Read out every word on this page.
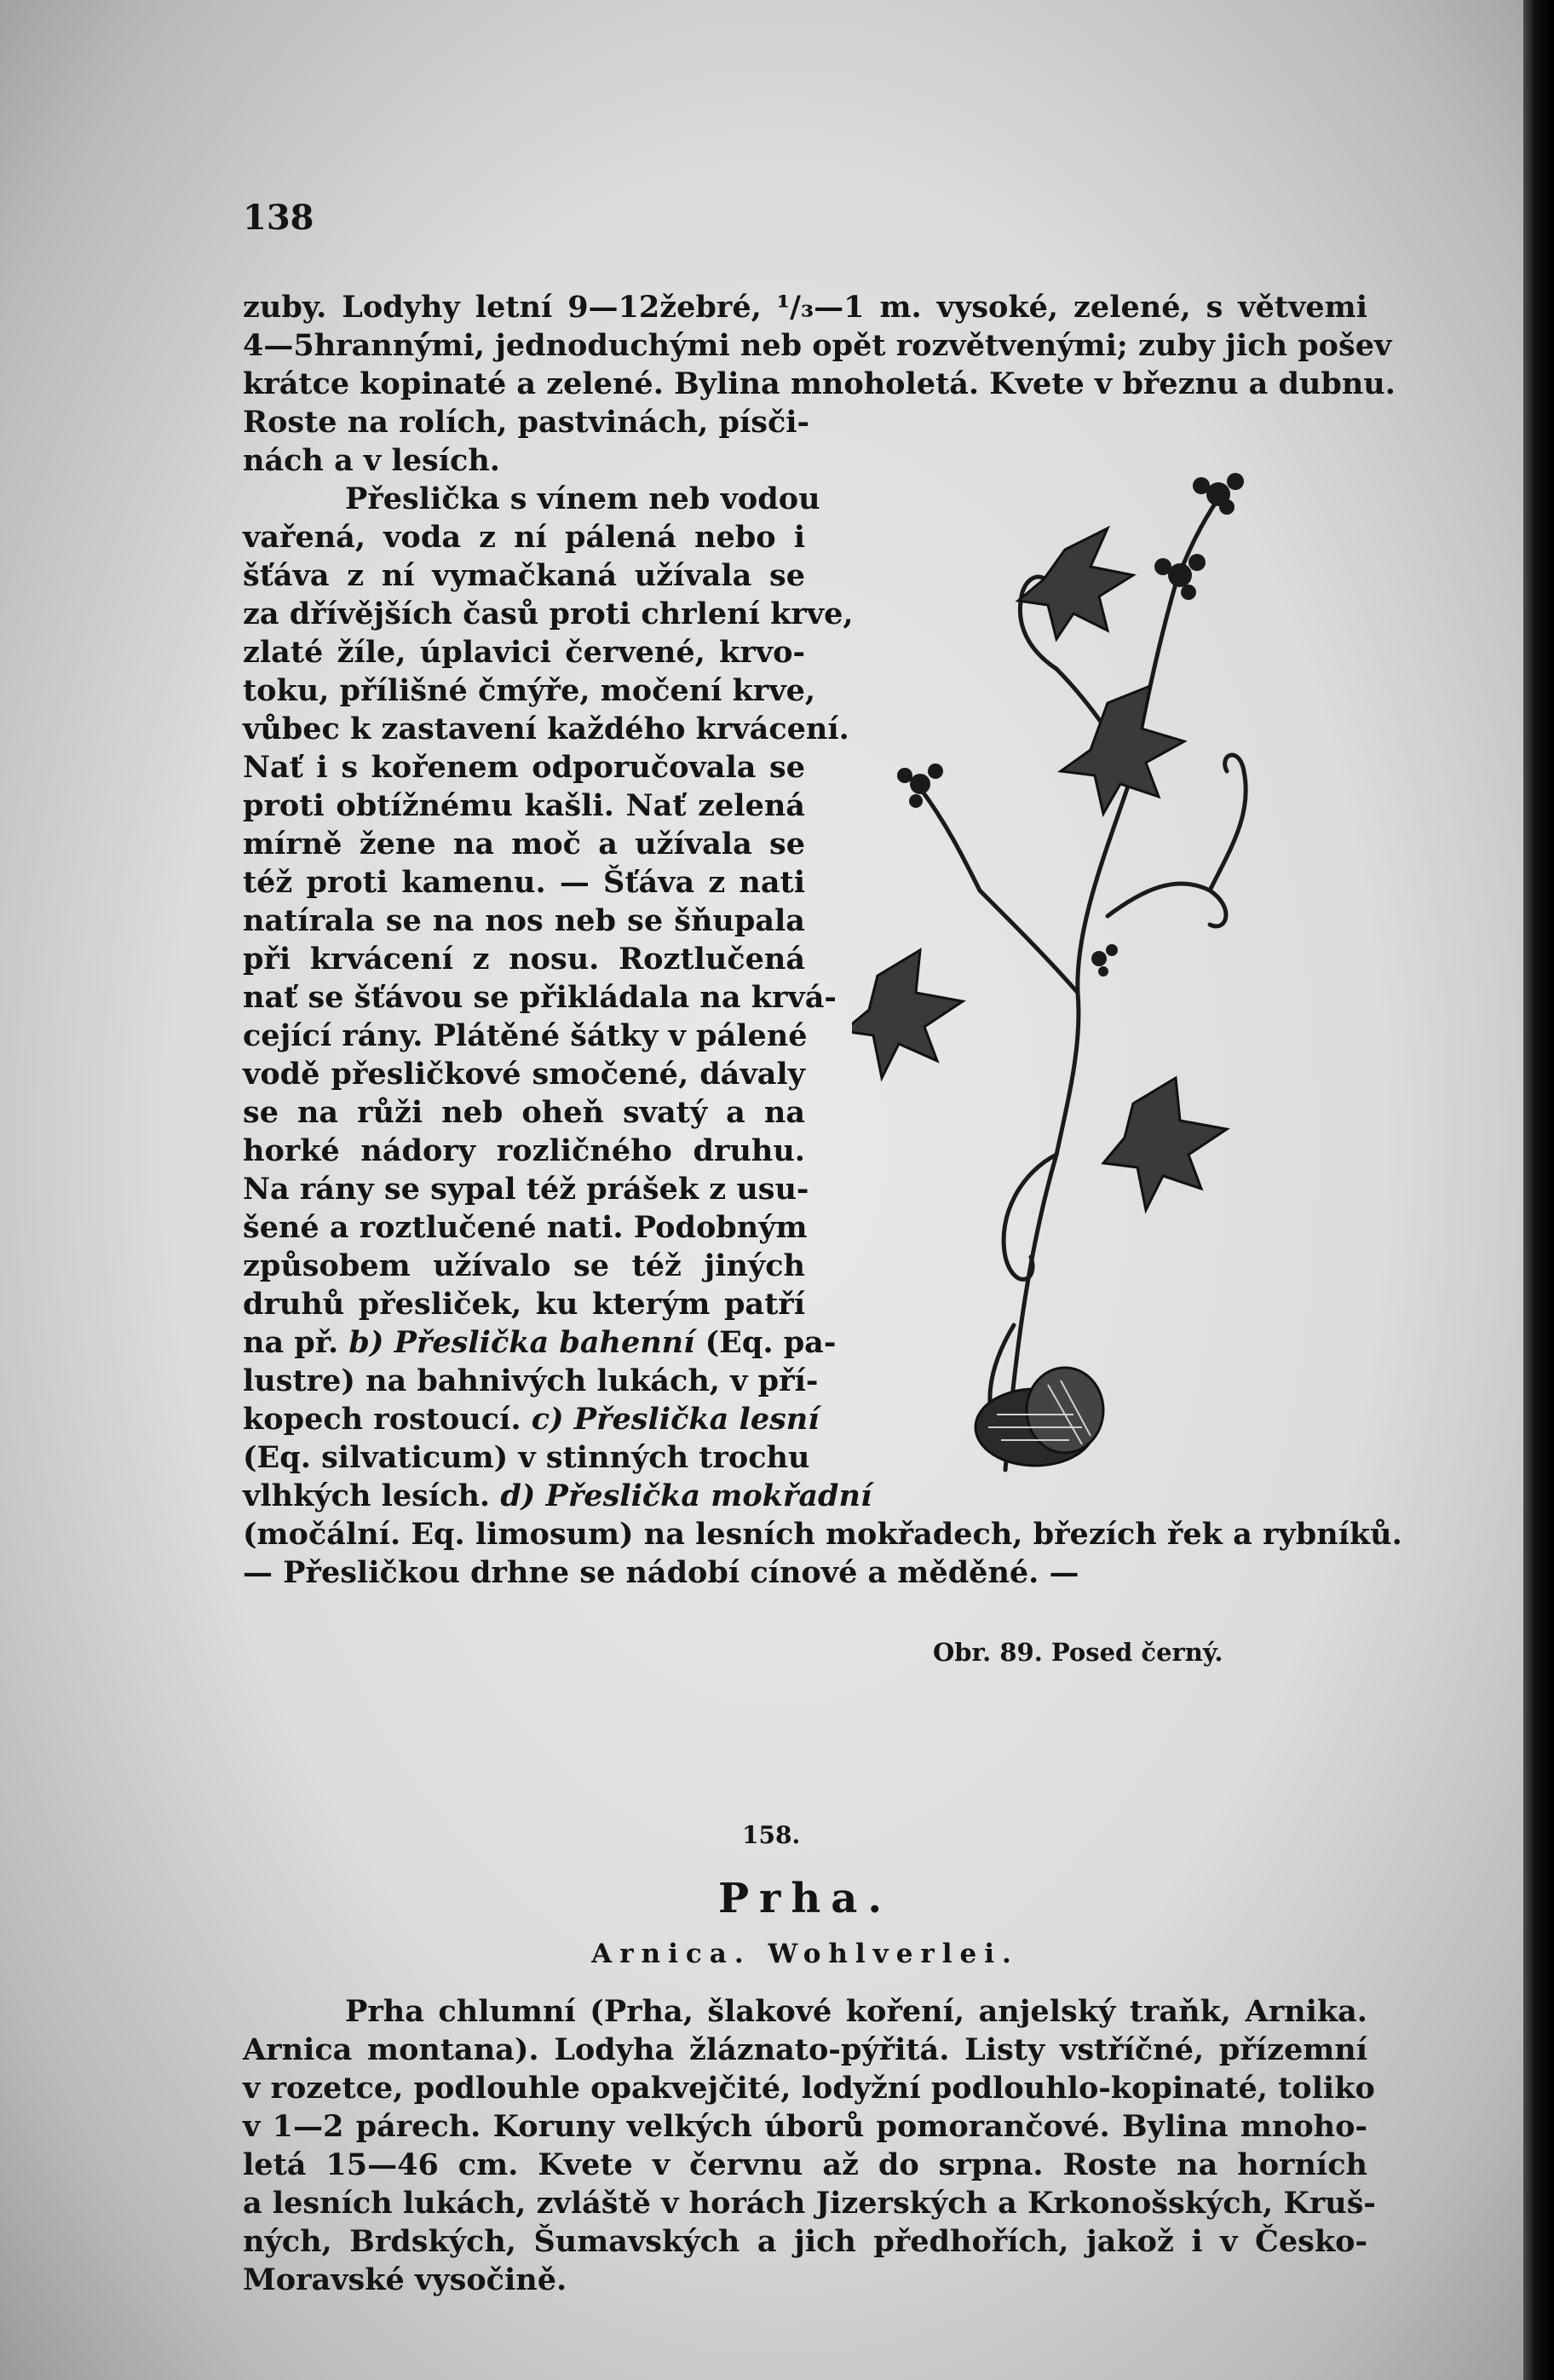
138
zuby. Lodyhy letní 9—12žebré, ¹/₃—1 m. vysoké, zelené, s větvemi
4—5hranný́mi, jednoduchými neb opět rozvětvenými; zuby jich pošev
krátce kopinaté a zelené. Bylina mnoholetá. Kvete v březnu a dubnu.
Roste na rolích, pastvinách, písči-
nách a v lesích.
Přeslička s vínem neb vodou
vařená, voda z ní pálená nebo i
šťáva z ní vymačkaná užívala se
za dřívějších časů proti chrlení krve,
zlaté žíle, úplavici červené, krvo-
toku, přílišné čmýře, močení krve,
vůbec k zastavení každého krvácení.
Nať i s kořenem odporučovala se
proti obtížnému kašli. Nať zelená
mírně žene na moč a užívala se
též proti kamenu. — Šťáva z nati
natírala se na nos neb se šňupala
při krvácení z nosu. Roztlučená
nať se šťávou se přikládala na krvá-
cející rány. Plátěné šátky v pálené
vodě přesličkové smočené, dávaly
se na růži neb oheň svatý a na
horké nádory rozličného druhu.
Na rány se sypal též prášek z usu-
šené a roztlučené nati. Podobným
způsobem užívalo se též jiných
druhů přesliček, ku kterým patří
na př. b) Přeslička bahenní (Eq. pa-
lustre) na bahnivých lukách, v pří-
kopech rostoucí. c) Přeslička lesní
(Eq. silvaticum) v stinných trochu
vlhkých lesích. d) Přeslička mokřadní
(močální. Eq. limosum) na lesních mokřadech, březích řek a rybníků.
— Přesličkou drhne se nádobí cínové a měděné. —
Obr. 89. Posed černý.
158.
Prha.
Arnica. Wohlverlei.
Prha chlumní (Prha, šlakové koření, anjelský traňk, Arnika.
Arnica montana). Lodyha žláznato-pýřitá. Listy vstříčné, přízemní
v rozetce, podlouhle opakvejčité, lodyžní podlouhlo-kopinaté, toliko
v 1—2 párech. Koruny velkých úborů pomorančové. Bylina mnoho-
letá 15—46 cm. Kvete v červnu až do srpna. Roste na horních
a lesních lukách, zvláště v horách Jizerských a Krkonošských, Kruš-
ných, Brdských, Šumavských a jich předhořích, jakož i v Česko-
Moravské vysočině.
